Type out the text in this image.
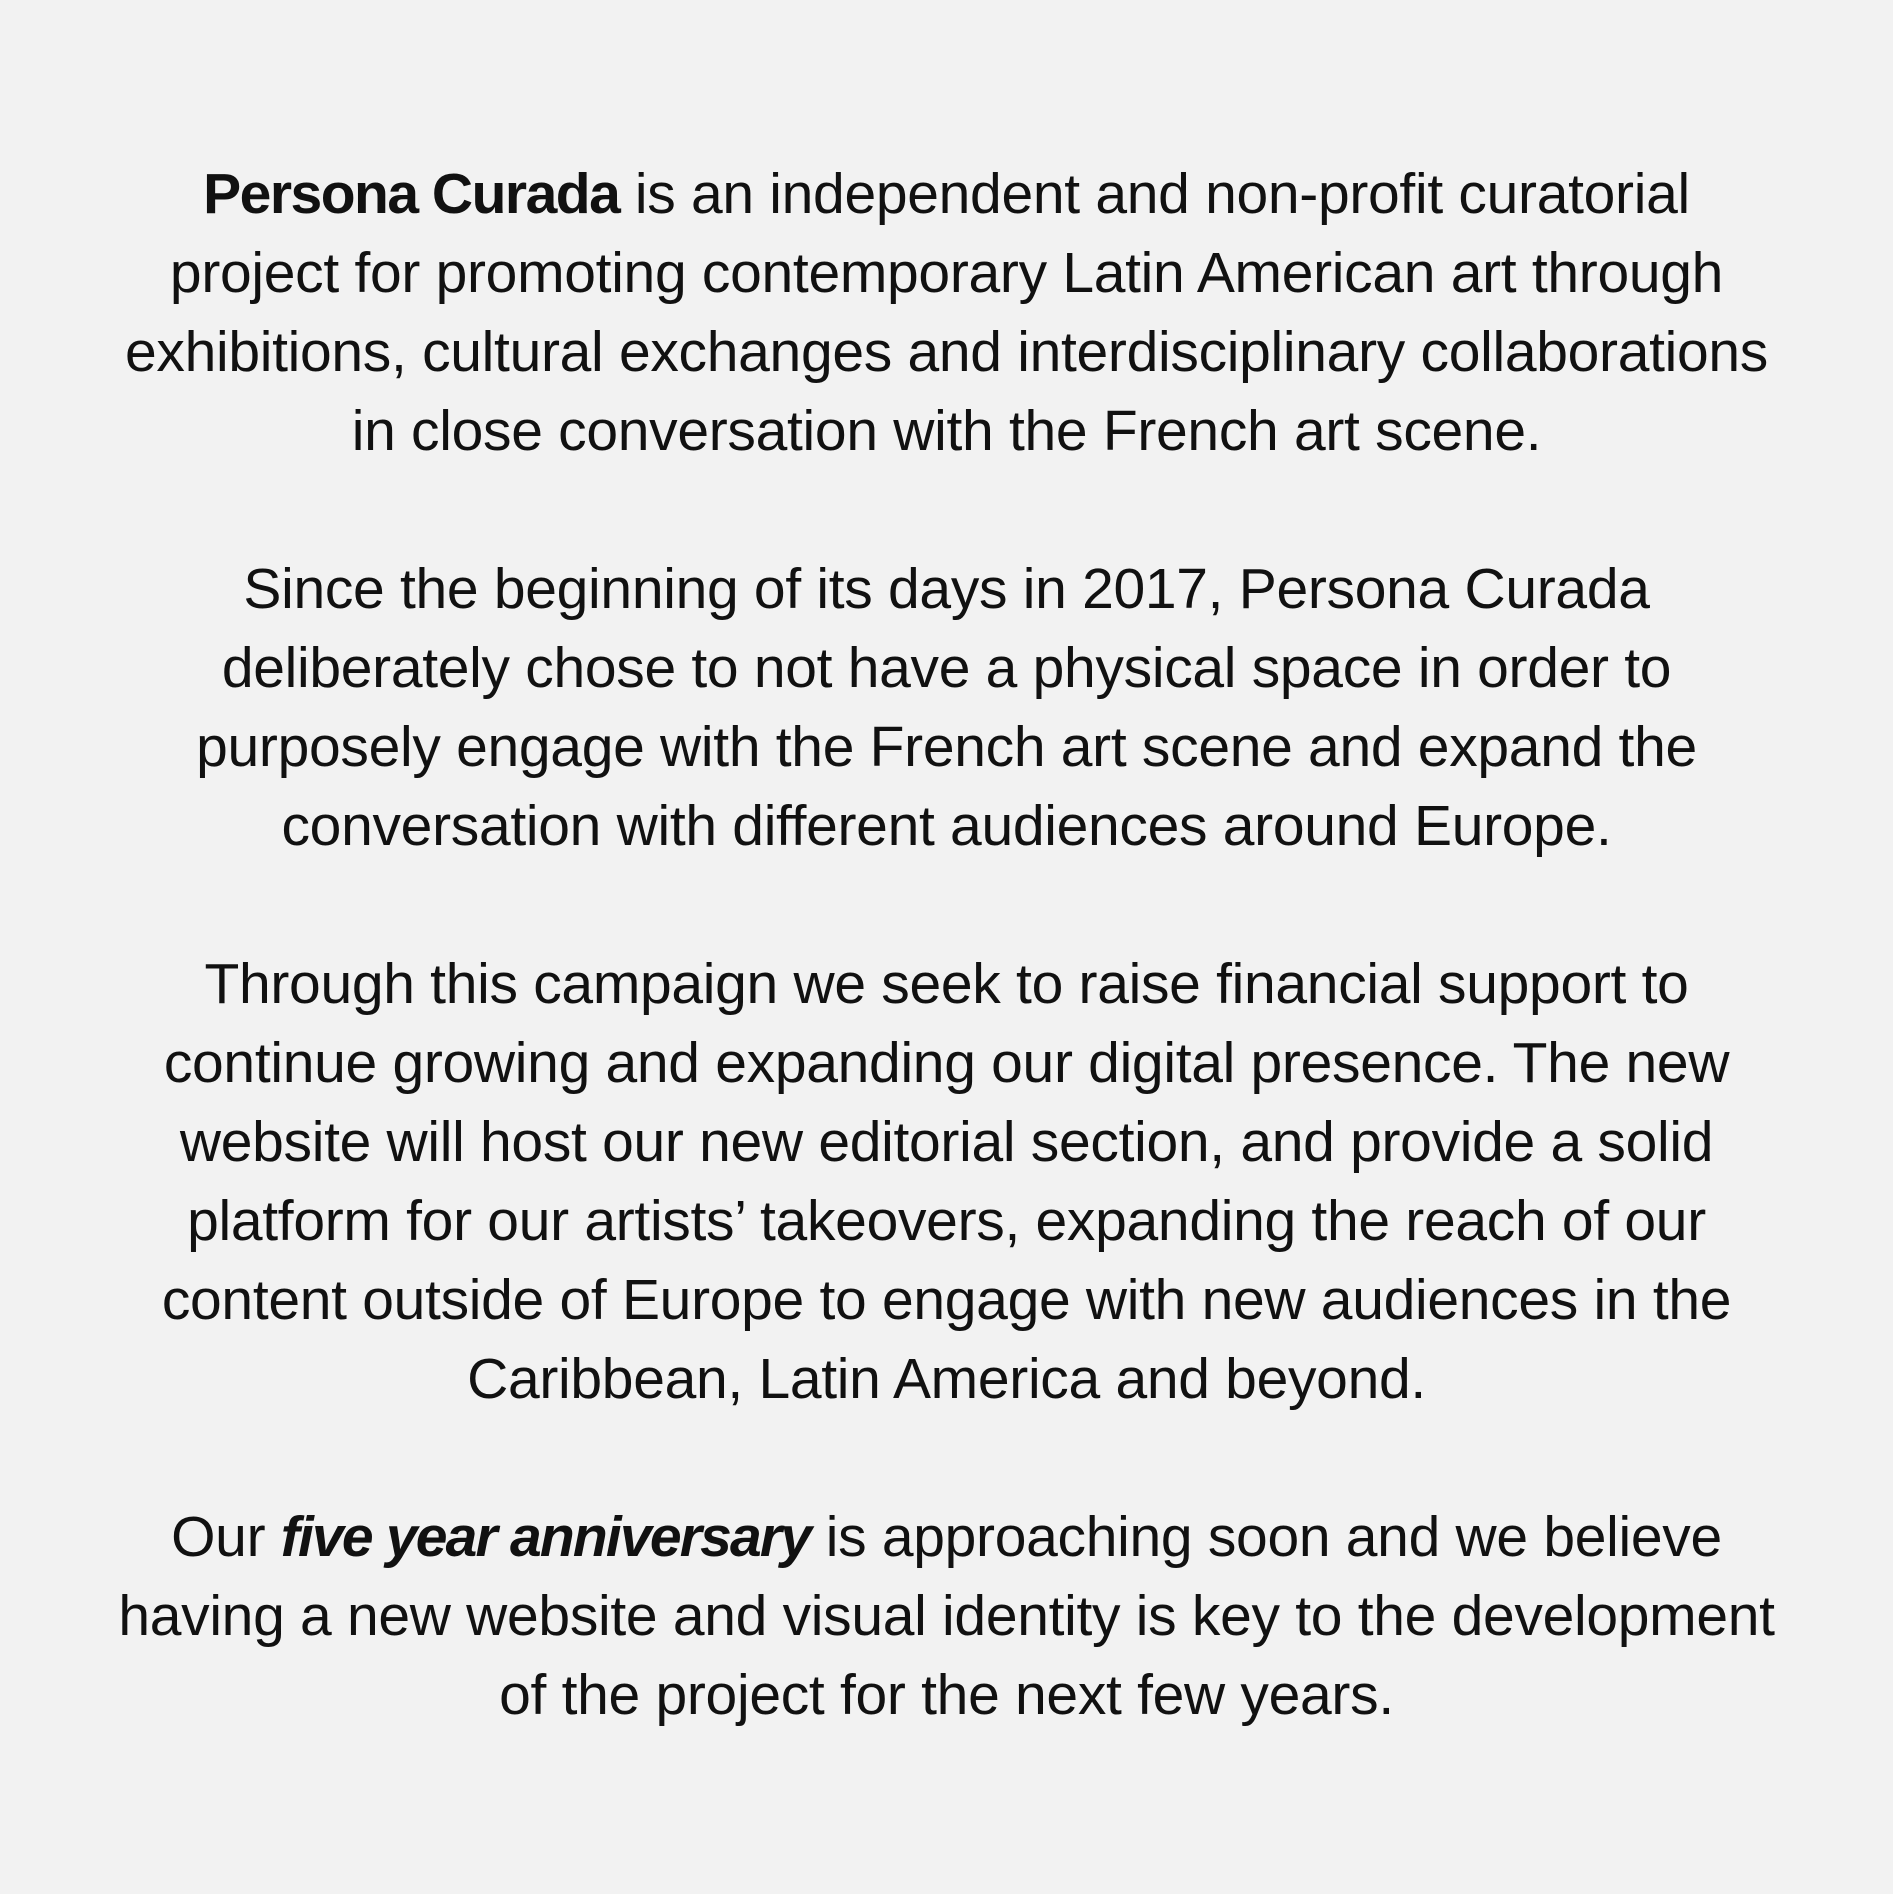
Persona Curada is an independent and non-profit curatorial
project for promoting contemporary Latin American art through
exhibitions, cultural exchanges and interdisciplinary collaborations
in close conversation with the French art scene.

Since the beginning of its days in 2017, Persona Curada
deliberately chose to not have a physical space in order to
purposely engage with the French art scene and expand the
conversation with different audiences around Europe.

Through this campaign we seek to raise financial support to
continue growing and expanding our digital presence. The new
website will host our new editorial section, and provide a solid
platform for our artists’ takeovers, expanding the reach of our
content outside of Europe to engage with new audiences in the
Caribbean, Latin America and beyond.

Our five year anniversary is approaching soon and we believe
having a new website and visual identity is key to the development
of the project for the next few years.
